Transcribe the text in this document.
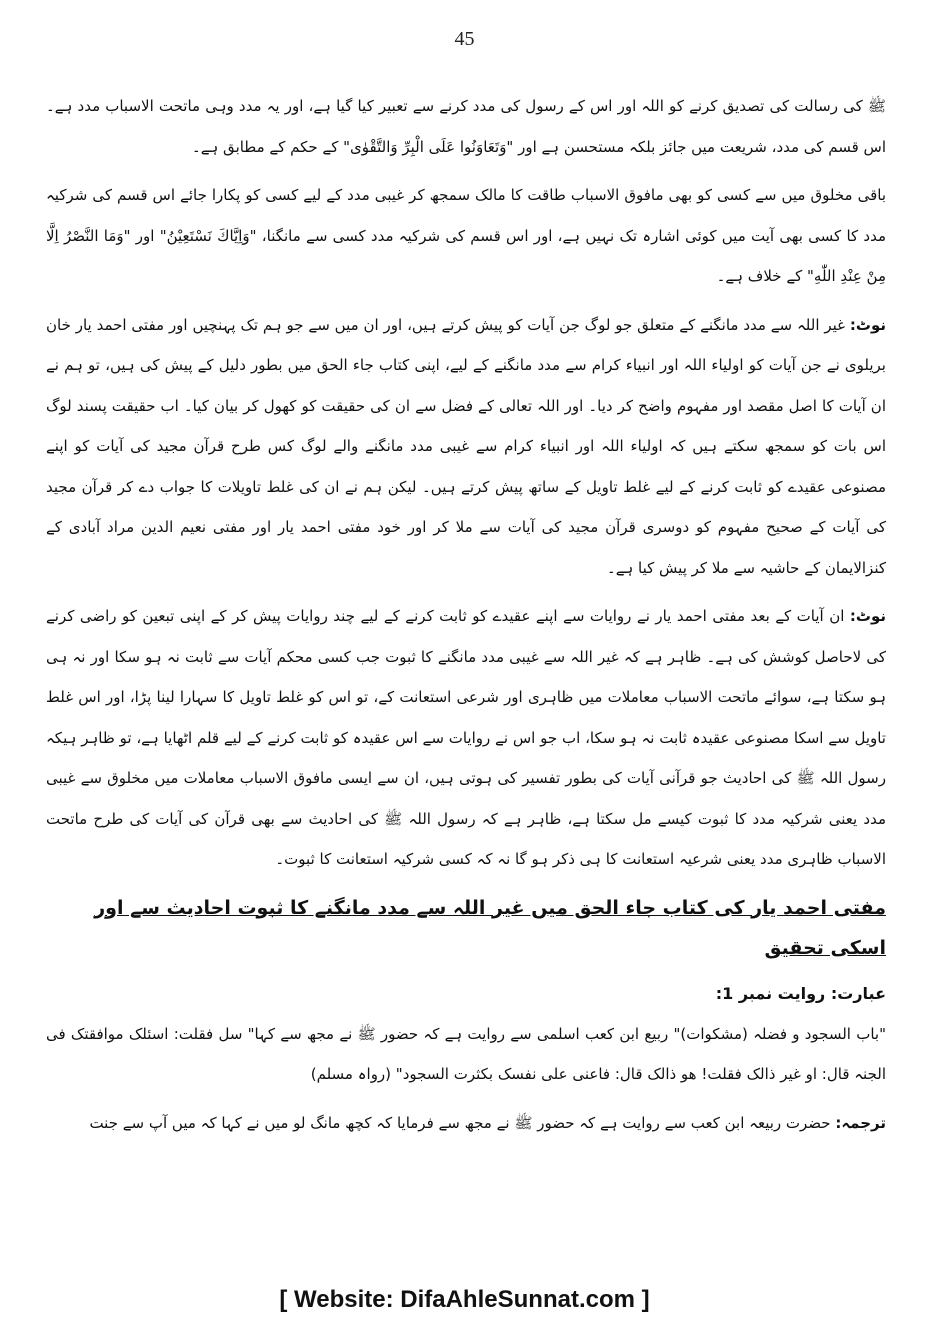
45

ﷺ کی رسالت کی تصدیق کرنے کو اللہ اور اس کے رسول کی مدد کرنے سے تعبیر کیا گیا ہے، اور یہ مدد وہی ماتحت الاسباب مدد ہے۔ اس قسم کی مدد، شریعت میں جائز بلکہ مستحسن ہے اور "وَتَعَاوَنُوا عَلَى الْبِرِّ وَالتَّقْوٰى" کے حکم کے مطابق ہے۔

باقی مخلوق میں سے کسی کو بھی مافوق الاسباب طاقت کا مالک سمجھ کر غیبی مدد کے لیے کسی کو پکارا جائے اس قسم کی شرکیہ مدد کا کسی بھی آیت میں کوئی اشارہ تک نہیں ہے، اور اس قسم کی شرکیہ مدد کسی سے مانگنا، "وَاِيَّاكَ نَسْتَعِيْنُ" اور "وَمَا النَّصْرُ اِلَّا مِنْ عِنْدِ اللّٰهِ" کے خلاف ہے۔

نوٹ: غیر اللہ سے مدد مانگنے کے متعلق جو لوگ جن آیات کو پیش کرتے ہیں، اور ان میں سے جو ہم تک پہنچیں اور مفتی احمد یار خان بریلوی نے جن آیات کو اولیاء اللہ اور انبیاء کرام سے مدد مانگنے کے لیے، اپنی کتاب جاء الحق میں بطور دلیل کے پیش کی ہیں، تو ہم نے ان آیات کا اصل مقصد اور مفہوم واضح کر دیا۔ اور اللہ تعالی کے فضل سے ان کی حقیقت کو کھول کر بیان کیا۔ اب حقیقت پسند لوگ اس بات کو سمجھ سکتے ہیں کہ اولیاء اللہ اور انبیاء کرام سے غیبی مدد مانگنے والے لوگ کس طرح قرآن مجید کی آیات کو اپنے مصنوعی عقیدے کو ثابت کرنے کے لیے غلط تاویل کے ساتھ پیش کرتے ہیں۔ لیکن ہم نے ان کی غلط تاویلات کا جواب دے کر قرآن مجید کی آیات کے صحیح مفہوم کو دوسری قرآن مجید کی آیات سے ملا کر اور خود مفتی احمد یار اور مفتی نعیم الدین مراد آبادی کے کنزالایمان کے حاشیہ سے ملا کر پیش کیا ہے۔

نوٹ: ان آیات کے بعد مفتی احمد یار نے روایات سے اپنے عقیدے کو ثابت کرنے کے لیے چند روایات پیش کر کے اپنی تبعین کو راضی کرنے کی لاحاصل کوشش کی ہے۔ ظاہر ہے کہ غیر اللہ سے غیبی مدد مانگنے کا ثبوت جب کسی محکم آیات سے ثابت نہ ہو سکا اور نہ ہی ہو سکتا ہے، سوائے ماتحت الاسباب معاملات میں ظاہری اور شرعی استعانت کے، تو اس کو غلط تاویل کا سہارا لینا پڑا، اور اس غلط تاویل سے اسکا مصنوعی عقیدہ ثابت نہ ہو سکا، اب جو اس نے روایات سے اس عقیدہ کو ثابت کرنے کے لیے قلم اٹھایا ہے، تو ظاہر ہیکہ رسول اللہ ﷺ کی احادیث جو قرآنی آیات کی بطور تفسیر کی ہوتی ہیں، ان سے ایسی مافوق الاسباب معاملات میں مخلوق سے غیبی مدد یعنی شرکیہ مدد کا ثبوت کیسے مل سکتا ہے، ظاہر ہے کہ رسول اللہ ﷺ کی احادیث سے بھی قرآن کی آیات کی طرح ماتحت الاسباب ظاہری مدد یعنی شرعیہ استعانت کا ہی ذکر ہو گا نہ کہ کسی شرکیہ استعانت کا ثبوت۔

مفتی احمد یار کی کتاب جاء الحق میں غیر اللہ سے مدد مانگنے کا ثبوت احادیث سے اور اسکی تحقیق

عبارت: روایت نمبر 1:

"باب السجود و فضلہ (مشکوات)" ربیع ابن کعب اسلمی سے روایت ہے کہ حضور ﷺ نے مجھ سے کہا" سل فقلت: اسئلک موافقتک فی الجنہ قال: او غیر ذالک فقلت! ھو ذالک قال: فاعنی علی نفسک بکثرت السجود" (رواہ مسلم)

ترجمہ: حضرت ربیعہ ابن کعب سے روایت ہے کہ حضور ﷺ نے مجھ سے فرمایا کہ کچھ مانگ لو میں نے کہا کہ میں آپ سے جنت

[ Website: DifaAhleSunnat.com ]
